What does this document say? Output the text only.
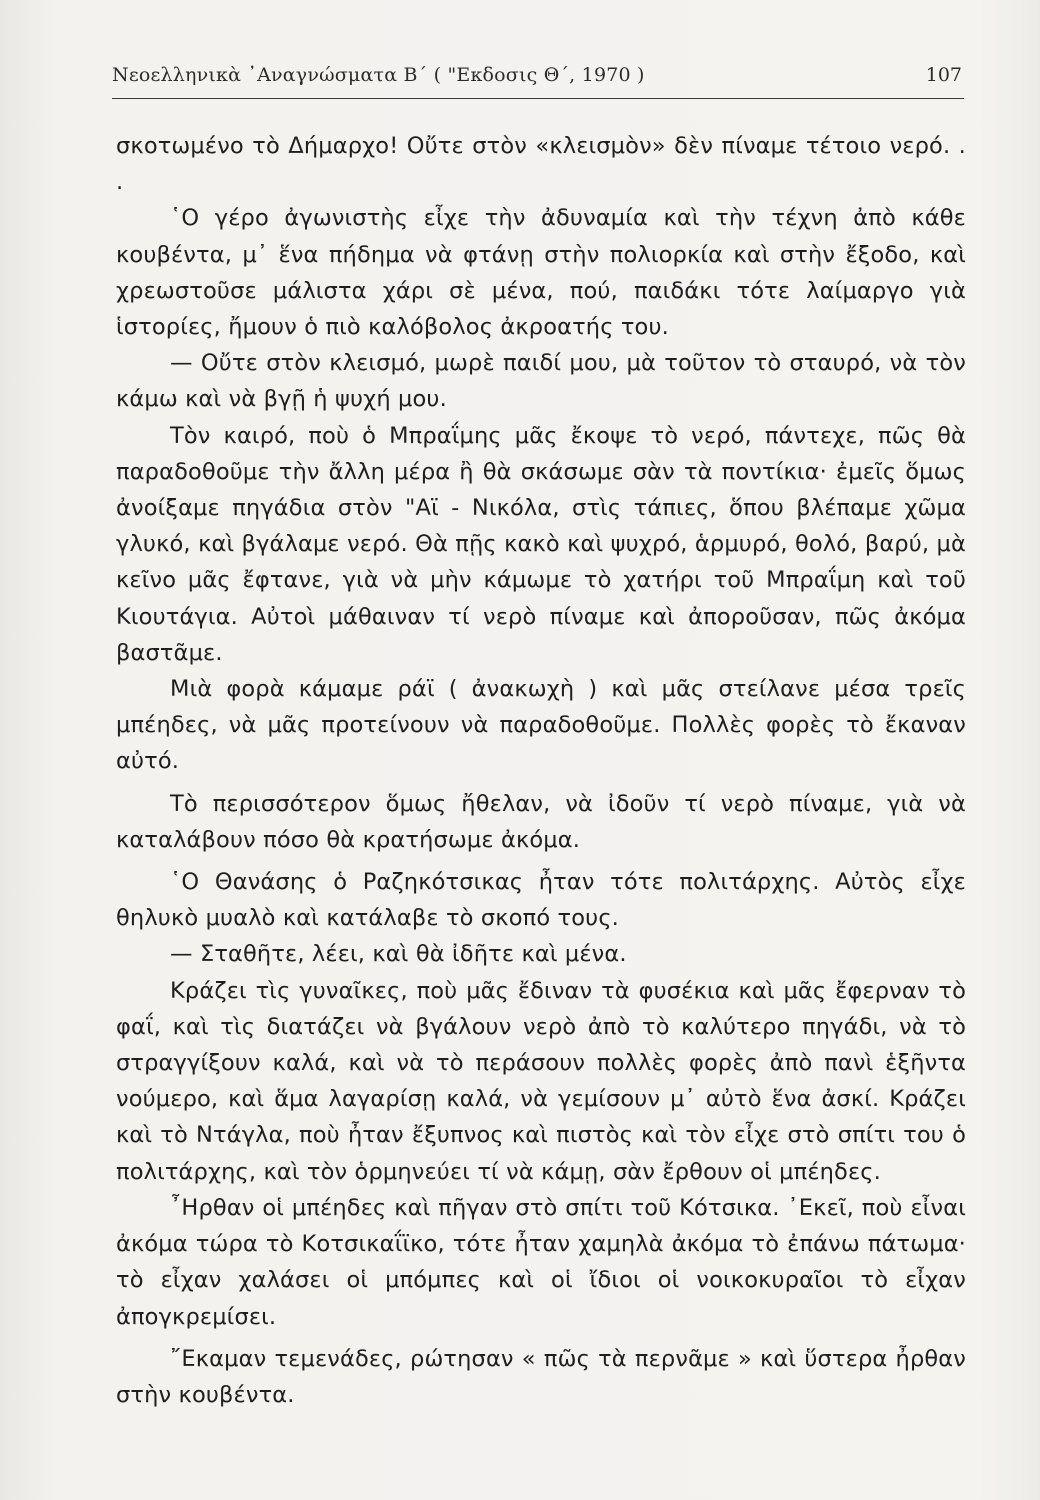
Νεοελληνικὰ ᾿Αναγνώσματα Β΄ ( "Εκδοσις Θ΄, 1970 )	107

σκοτωμένο τὸ Δήμαρχο! Οὔτε στὸν «κλεισμὸν» δὲν πίναμε τέτοιο νερό. . .

῾Ο γέρο ἀγωνιστὴς εἶχε τὴν ἀδυναμία καὶ τὴν τέχνη ἀπὸ κάθε κουβέντα, μ᾿ ἕνα πήδημα νὰ φτάνῃ στὴν πολιορκία καὶ στὴν ἔξοδο, καὶ χρεωστοῦσε μάλιστα χάρι σὲ μένα, πού, παιδάκι τότε λαίμαργο γιὰ ἱστορίες, ἤμουν ὁ πιὸ καλόβολος ἀκροατής του.

— Οὔτε στὸν κλεισμό, μωρὲ παιδί μου, μὰ τοῦτον τὸ σταυρό, νὰ τὸν κάμω καὶ νὰ βγῇ ἡ ψυχή μου.

Τὸν καιρό, ποὺ ὁ Μπραΐμης μᾶς ἔκοψε τὸ νερό, πάντεχε, πῶς θὰ παραδοθοῦμε τὴν ἄλλη μέρα ἢ θὰ σκάσωμε σὰν τὰ ποντίκια· ἐμεῖς ὅμως ἀνοίξαμε πηγάδια στὸν "Αϊ - Νικόλα, στὶς τάπιες, ὅπου βλέπαμε χῶμα γλυκό, καὶ βγάλαμε νερό. Θὰ πῇς κακὸ καὶ ψυχρό, ἁρμυρό, θολό, βαρύ, μὰ κεῖνο μᾶς ἔφτανε, γιὰ νὰ μὴν κάμωμε τὸ χατήρι τοῦ Μπραΐμη καὶ τοῦ Κιουτάγια. Αὐτοὶ μάθαιναν τί νερὸ πίναμε καὶ ἀποροῦσαν, πῶς ἀκόμα βαστᾶμε.

Μιὰ φορὰ κάμαμε ράϊ ( ἀνακωχὴ ) καὶ μᾶς στείλανε μέσα τρεῖς μπέηδες, νὰ μᾶς προτείνουν νὰ παραδοθοῦμε. Πολλὲς φορὲς τὸ ἔκαναν αὐτό.

Τὸ περισσότερον ὅμως ἤθελαν, νὰ ἰδοῦν τί νερὸ πίναμε, γιὰ νὰ καταλάβουν πόσο θὰ κρατήσωμε ἀκόμα.

῾Ο Θανάσης ὁ Ραζηκότσικας ἦταν τότε πολιτάρχης. Αὐτὸς εἶχε θηλυκὸ μυαλὸ καὶ κατάλαβε τὸ σκοπό τους.

— Σταθῆτε, λέει, καὶ θὰ ἰδῆτε καὶ μένα.

Κράζει τὶς γυναῖκες, ποὺ μᾶς ἔδιναν τὰ φυσέκια καὶ μᾶς ἔφερναν τὸ φαΐ, καὶ τὶς διατάζει νὰ βγάλουν νερὸ ἀπὸ τὸ καλύτερο πηγάδι, νὰ τὸ στραγγίξουν καλά, καὶ νὰ τὸ περάσουν πολλὲς φορὲς ἀπὸ πανὶ ἑξῆντα νούμερο, καὶ ἅμα λαγαρίσῃ καλά, νὰ γεμίσουν μ᾿ αὐτὸ ἕνα ἀσκί. Κράζει καὶ τὸ Ντάγλα, ποὺ ἦταν ἔξυπνος καὶ πιστὸς καὶ τὸν εἶχε στὸ σπίτι του ὁ πολιτάρχης, καὶ τὸν ὁρμηνεύει τί νὰ κάμῃ, σὰν ἔρθουν οἱ μπέηδες.

῏Ηρθαν οἱ μπέηδες καὶ πῆγαν στὸ σπίτι τοῦ Κότσικα. ᾿Εκεῖ, ποὺ εἶναι ἀκόμα τώρα τὸ Κοτσικαΐϊκο, τότε ἦταν χαμηλὰ ἀκόμα τὸ ἐπάνω πάτωμα· τὸ εἶχαν χαλάσει οἱ μπόμπες καὶ οἱ ἴδιοι οἱ νοικοκυραῖοι τὸ εἶχαν ἀπογκρεμίσει.

῎Εκαμαν τεμενάδες, ρώτησαν « πῶς τὰ περνᾶμε » καὶ ὕστερα ἦρθαν στὴν κουβέντα.
